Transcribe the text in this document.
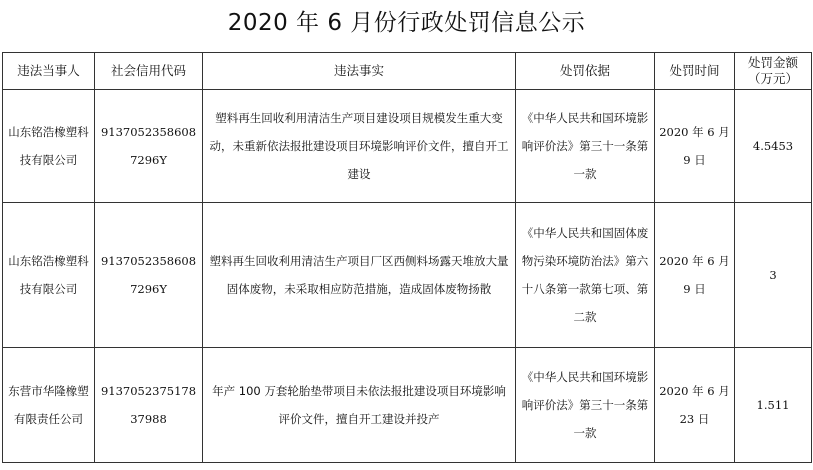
2020 年 6 月份行政处罚信息公示
违法当事人	社会信用代码	违法事实	处罚依据	处罚时间	处罚金额（万元）
山东铭浩橡塑科技有限公司	91370523586087296Y	塑料再生回收利用清洁生产项目建设项目规模发生重大变动，未重新依法报批建设项目环境影响评价文件，擅自开工建设	《中华人民共和国环境影响评价法》第三十一条第一款	2020 年 6 月 9 日	4.5453
山东铭浩橡塑科技有限公司	91370523586087296Y	塑料再生回收利用清洁生产项目厂区西侧料场露天堆放大量固体废物，未采取相应防范措施，造成固体废物扬散	《中华人民共和国固体废物污染环境防治法》第六十八条第一款第七项、第二款	2020 年 6 月 9 日	3
东营市华隆橡塑有限责任公司	913705237517837988	年产 100 万套轮胎垫带项目未依法报批建设项目环境影响评价文件，擅自开工建设并投产	《中华人民共和国环境影响评价法》第三十一条第一款	2020 年 6 月 23 日	1.511
